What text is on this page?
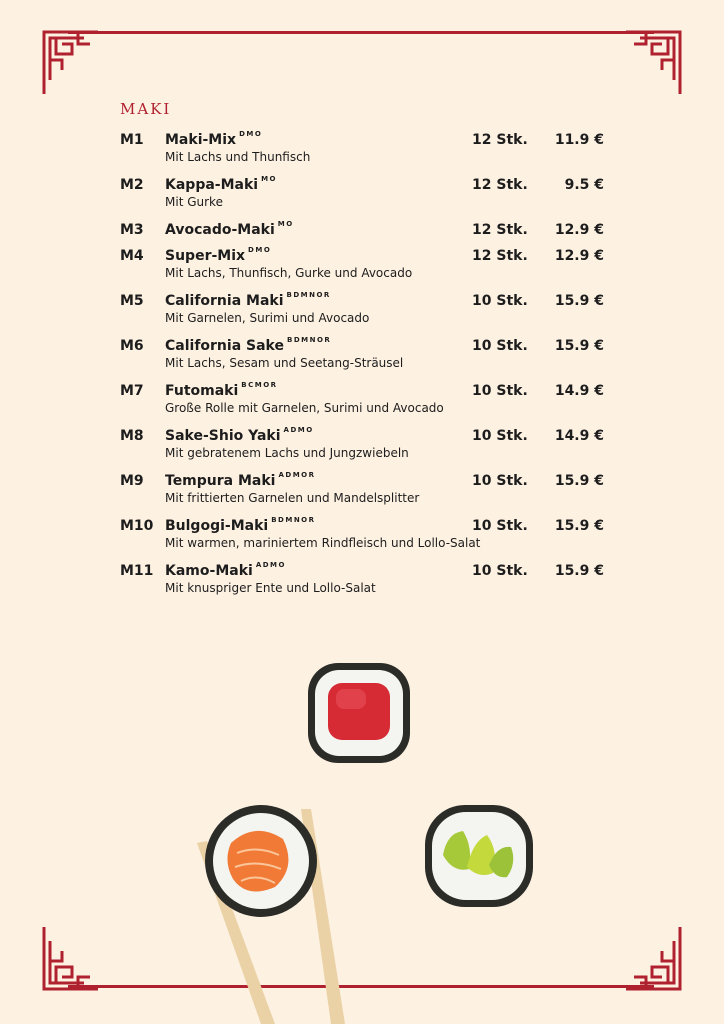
MAKI
M1 Maki-Mix $^{DMO}$
Mit Lachs und Thunfisch
12 Stk. 11.9 €
M2 Kappa-Maki $^{MO}$
Mit Gurke
12 Stk.	9.5 €
M3 Avocado-Maki $^{MO}$	12 Stk. 12.9 €
M4 Super-Mix $^{DMO}$
Mit Lachs, Thunfisch, Gurke und Avocado
12 Stk. 12.9 €
M5 California Maki $^{BDMNOR}$
Mit Garnelen, Surimi und Avocado
10 Stk. 15.9 €
M6 California Sake $^{BDMNOR}$
Mit Lachs, Sesam und Seetang-Sträusel
10 Stk. 15.9 €
M7 Futomaki $^{BCMOR}$
Große Rolle mit Garnelen, Surimi und Avocado
10 Stk. 14.9 €
M8 Sake-Shio Yaki $^{ADMO}$
Mit gebratenem Lachs und Jungzwiebeln
10 Stk. 14.9 €
M9 Tempura Maki $^{ADMOR}$
Mit frittierten Garnelen und Mandelsplitter
10 Stk. 15.9 €
M10 Bulgogi-Maki $^{BDMNOR}$
Mit warmen, mariniertem Rindfleisch und Lollo-Salat
10 Stk. 15.9 €
M11 Kamo-Maki $^{ADMO}$
Mit knuspriger Ente und Lollo-Salat
10 Stk. 15.9 €
